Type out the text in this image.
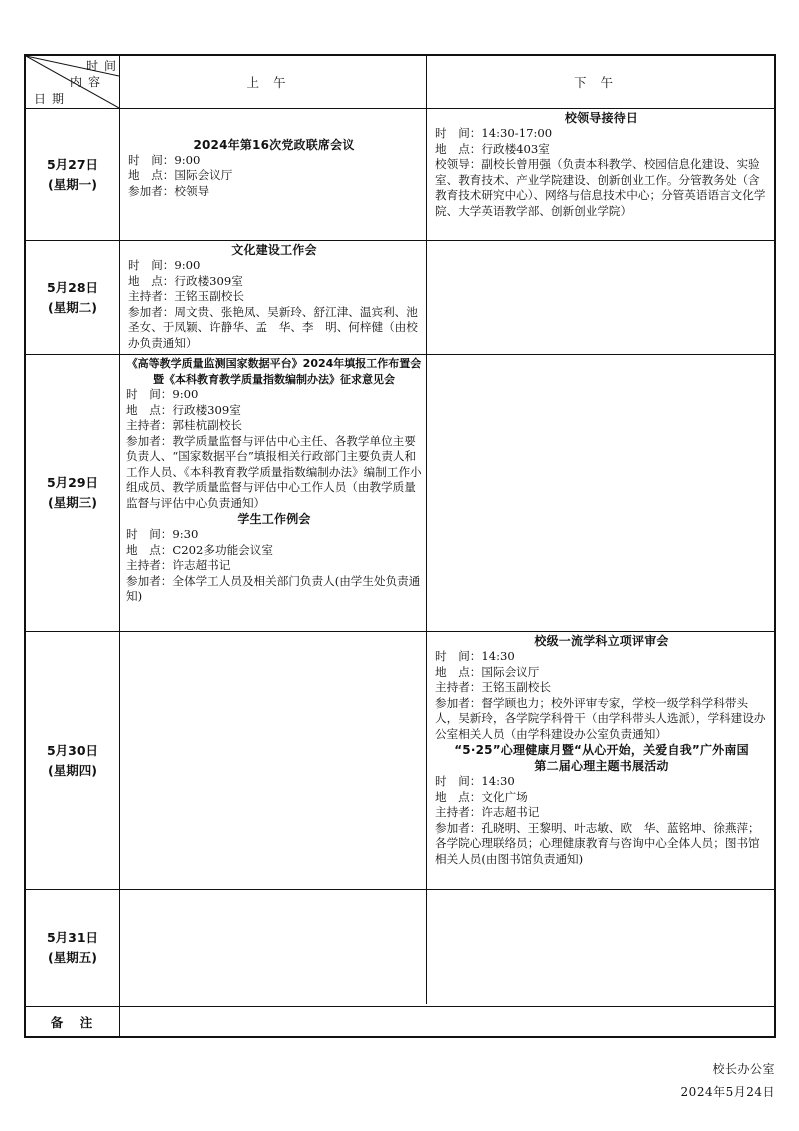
时间
内容
日期
上午	下午
5月27日
(星期一)
2024年第16次党政联席会议
时　间：9:00
地　点：国际会议厅
参加者：校领导
校领导接待日
时　间：14:30-17:00
地　点：行政楼403室
校领导：副校长曾用强（负责本科教学、校园信息化建设、实验室、教育技术、产业学院建设、创新创业工作。分管教务处（含教育技术研究中心）、网络与信息技术中心；分管英语语言文化学院、大学英语教学部、创新创业学院）
5月28日
(星期二)
文化建设工作会
时　间：9:00
地　点：行政楼309室
主持者：王铭玉副校长
参加者：周文贵、张艳凤、吴新玲、舒江津、温宾利、池圣女、于凤颖、许静华、孟　华、李　明、何梓健（由校办负责通知）
5月29日
(星期三)
《高等教学质量监测国家数据平台》2024年填报工作布置会暨《本科教育教学质量指数编制办法》征求意见会
时　间：9:00
地　点：行政楼309室
主持者：郭桂杭副校长
参加者：教学质量监督与评估中心主任、各教学单位主要负责人、“国家数据平台”填报相关行政部门主要负责人和工作人员、《本科教育教学质量指数编制办法》编制工作小组成员、教学质量监督与评估中心工作人员（由教学质量监督与评估中心负责通知）
学生工作例会
时　间：9:30
地　点：C202多功能会议室
主持者：许志超书记
参加者：全体学工人员及相关部门负责人(由学生处负责通知)
5月30日
(星期四)
校级一流学科立项评审会
时　间：14:30
地　点：国际会议厅
主持者：王铭玉副校长
参加者：督学顾也力；校外评审专家，学校一级学科学科带头人，吴新玲，各学院学科骨干（由学科带头人选派），学科建设办公室相关人员（由学科建设办公室负责通知）
“5·25”心理健康月暨“从心开始，关爱自我”广外南国第二届心理主题书展活动
时　间：14:30
地　点：文化广场
主持者：许志超书记
参加者：孔晓明、王黎明、叶志敏、欧　华、蓝铭坤、徐燕萍；各学院心理联络员；心理健康教育与咨询中心全体人员；图书馆相关人员(由图书馆负责通知)
5月31日
(星期五)
备　注
校长办公室
2024年5月24日
